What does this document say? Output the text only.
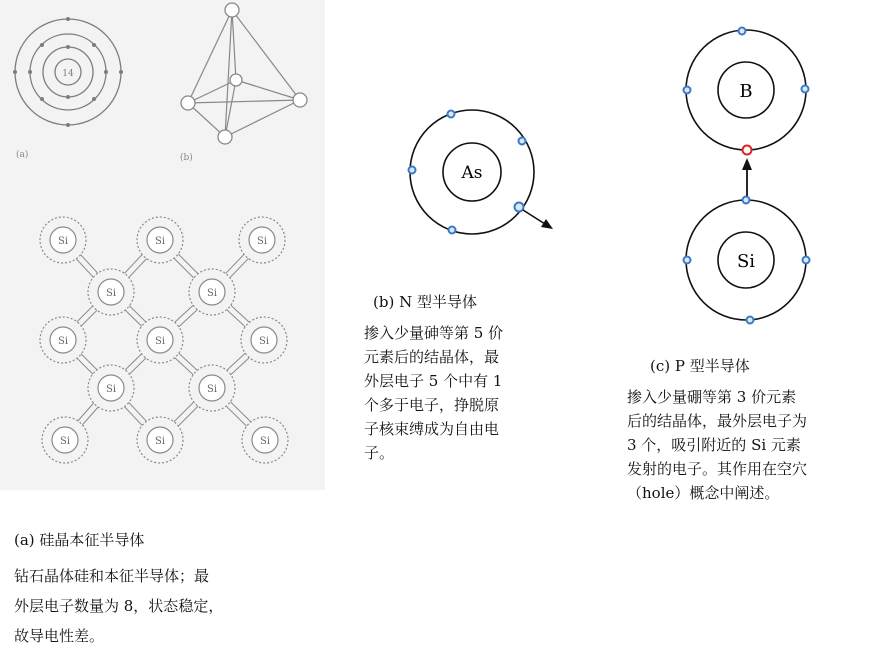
14
(a)	(b)
Si	Si	Si
Si	Si
Si	Si	Si
Si	Si
Si	Si	Si
(a) 硅晶本征半导体
钻石晶体硅和本征半导体；最
外层电子数量为 8，状态稳定，
故导电性差。
As
(b) N 型半导体
掺入少量砷等第 5 价
元素后的结晶体，最
外层电子 5 个中有 1
个多于电子，挣脱原
子核束缚成为自由电
子。
B
Si
(c) P 型半导体
掺入少量硼等第 3 价元素
后的结晶体，最外层电子为
3 个，吸引附近的 Si 元素
发射的电子。其作用在空穴
（hole）概念中阐述。
